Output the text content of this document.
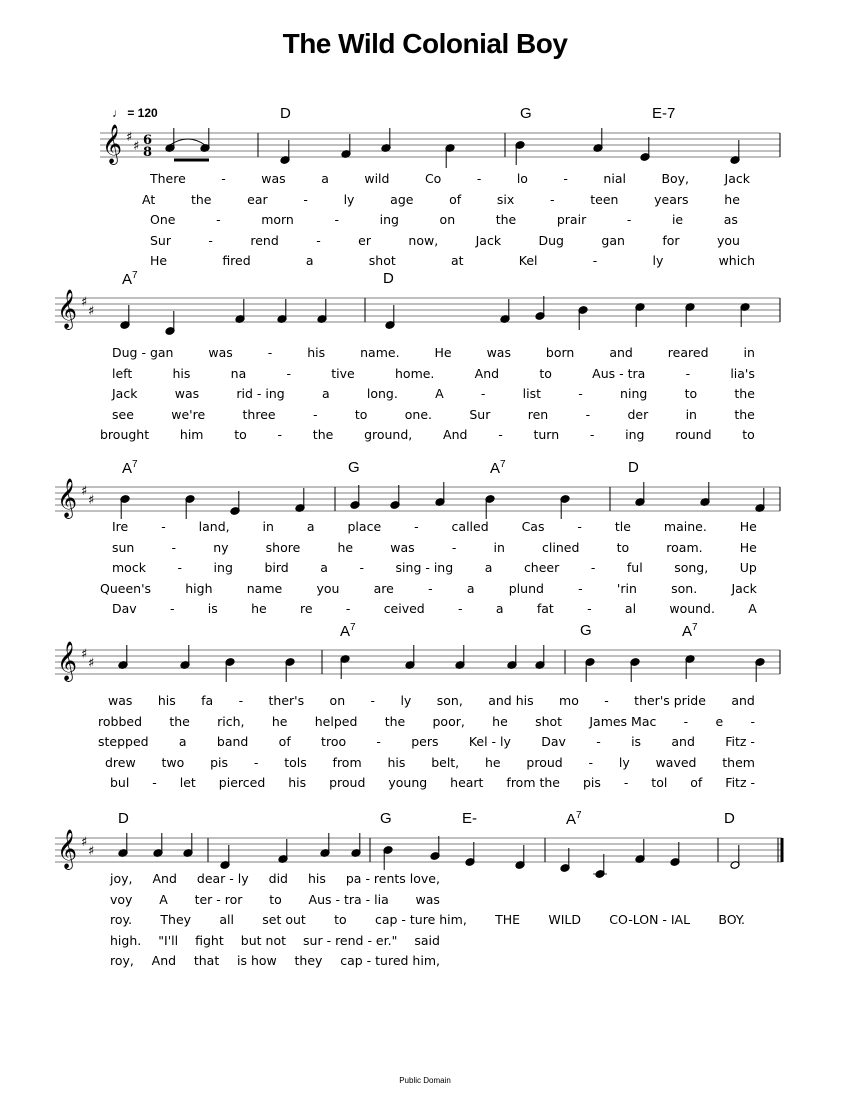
The Wild Colonial Boy
𝄞 ♯
♯ 6
8
𝄞 ♯
♯
𝄞 ♯
♯
𝄞 ♯
♯
𝄞 ♯
♯
♩ = 120	D	G	E-7
There	-	was	a	wild	Co	-	lo	-	nial	Boy,	Jack
At	the	ear	-	ly	age	of	six	-	teen	years	he
One	-	morn	-	ing	on	the	prair	-	ie	as
Sur	-	rend	-	er	now,	Jack	Dug	gan	for	you
He	fired	a	shot	at	Kel	-	ly	which
$A^7$	D
Dug - gan	was	-	his	name.	He	was	born	and	reared	in
left	his	na	-	tive	home.	And	to	Aus - tra	-	lia's
Jack	was	rid - ing	a	long.	A	-	list	-	ning	to	the
see	we're	three	-	to	one.	Sur	ren	-	der	in	the
brought him to - the ground, And - turn - ing round to
$A^7$	G	$A^7$	D
Ire	-	land,	in	a	place	-	called	Cas	-	tle	maine.	He
sun	-	ny	shore	he	was	-	in	clined	to	roam.	He
mock	-	ing	bird	a	-	sing - ing	a	cheer	-	ful	song,	Up
Queen's	high	name	you	are	-	a	plund	-	'rin	son.	Jack
Dav	-	is	he	re	-	ceived	-	a	fat	-	al	wound.	A
$A^7$	G	$A^7$
was his fa - ther's on - ly son, and his mo - ther's pride and
robbed the rich, he helped the poor, he shot James Mac - e -
stepped a band of troo - pers Kel - ly Dav - is and Fitz -
drew two pis - tols from his belt, he proud - ly waved them
bul - let pierced his proud young heart from the pis - tol of Fitz -
D	G	E-	$A^7$	D
joy, And dear - ly did his pa - rents love,
voy A ter - ror to Aus - tra - lia was
roy. They all set out to cap - ture him, THE WILD CO-LON - IAL BOY.
high. "I'll fight but not sur - rend - er." said
roy, And that is how they cap - tured him,
Public Domain
